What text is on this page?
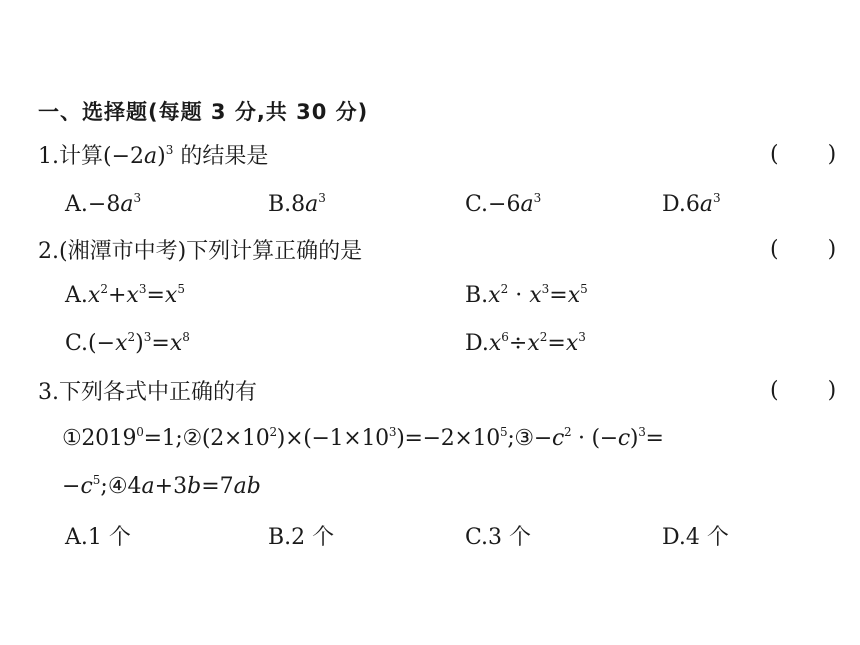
一、选择题(每题 3 分,共 30 分)
1.计算$(-2a)^3$ 的结果是	( )
$A.-8a^3$	$B.8a^3$	$C.-6a^3$	$D.6a^3$
2.(湘潭市中考)下列计算正确的是	( )
$A.x^2+x^3=x^5$	$B.x^2 \cdot x^3=x^5$
$C.(-x^2)^3=x^8$	$D.x^6\div x^2=x^3$
3.下列各式中正确的有	( )
$①2019^0=1;②(2\times 10^2)\times(-1\times 10^3)=-2\times 10^5;③-c^2 \cdot (-c)^3=$
$-c^5;④4a+3b=7ab$
A.1 个	B.2 个	C.3 个	D.4 个
